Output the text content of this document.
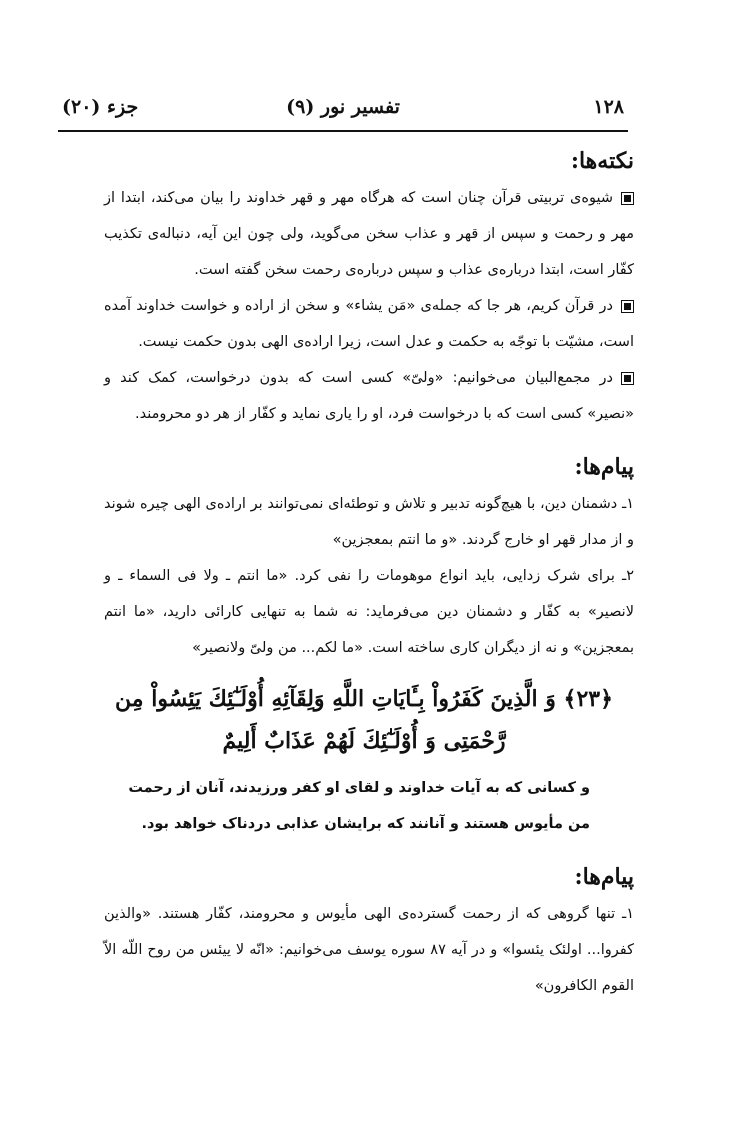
۱۲۸
تفسیر نور (۹)
جزء (۲۰)
نکته‌ها:
شیوه‌ی تربیتی قرآن چنان است که هرگاه مهر و قهر خداوند را بیان می‌کند، ابتدا از مهر و رحمت و سپس از قهر و عذاب سخن می‌گوید، ولی چون این آیه، دنباله‌ی تکذیب کفّار است، ابتدا درباره‌ی عذاب و سپس درباره‌ی رحمت سخن گفته است.
در قرآن کریم، هر جا که جمله‌ی «مَن یشاء» و سخن از اراده و خواست خداوند آمده است، مشیّت با توجّه به حکمت و عدل است، زیرا اراده‌ی الهی بدون حکمت نیست.
در مجمع‌البیان می‌خوانیم: «ولیّ» کسی است که بدون درخواست، کمک کند و «نصیر» کسی است که با درخواست فرد، او را یاری نماید و کفّار از هر دو محرومند.
پیام‌ها:
۱ـ دشمنان دین، با هیچ‌گونه تدبیر و تلاش و توطئه‌ای نمی‌توانند بر اراده‌ی الهی چیره شوند و از مدار قهر او خارج گردند. «و ما انتم بمعجزین»
۲ـ برای شرک زدایی، باید انواع موهومات را نفی کرد. «ما انتم ـ ولا فی السماء ـ و لانصیر» به کفّار و دشمنان دین می‌فرماید: نه شما به تنهایی کارائی دارید، «ما انتم بمعجزین» و نه از دیگران کاری ساخته است. «ما لکم... من ولیّ ولانصیر»
﴿۲۳﴾ وَ الَّذِينَ كَفَرُواْ بِـَٔايَاتِ اللَّهِ وَلِقَآئِهِ أُوْلَـٰٓئِكَ يَئِسُواْ مِن رَّحْمَتِى وَ أُوْلَـٰٓئِكَ لَهُمْ عَذَابٌ أَلِيمٌ
و کسانی که به آیات خداوند و لقای او کفر ورزیدند، آنان از رحمت من مأیوس هستند و آنانند که برایشان عذابی دردناک خواهد بود.
پیام‌ها:
۱ـ تنها گروهی که از رحمت گسترده‌ی الهی مأیوس و محرومند، کفّار هستند. «والذین کفروا... اولئک یئسوا» و در آیه ۸۷ سوره یوسف می‌خوانیم: «انّه لا ییئس من روح اللّه الاّ القوم الکافرون»
